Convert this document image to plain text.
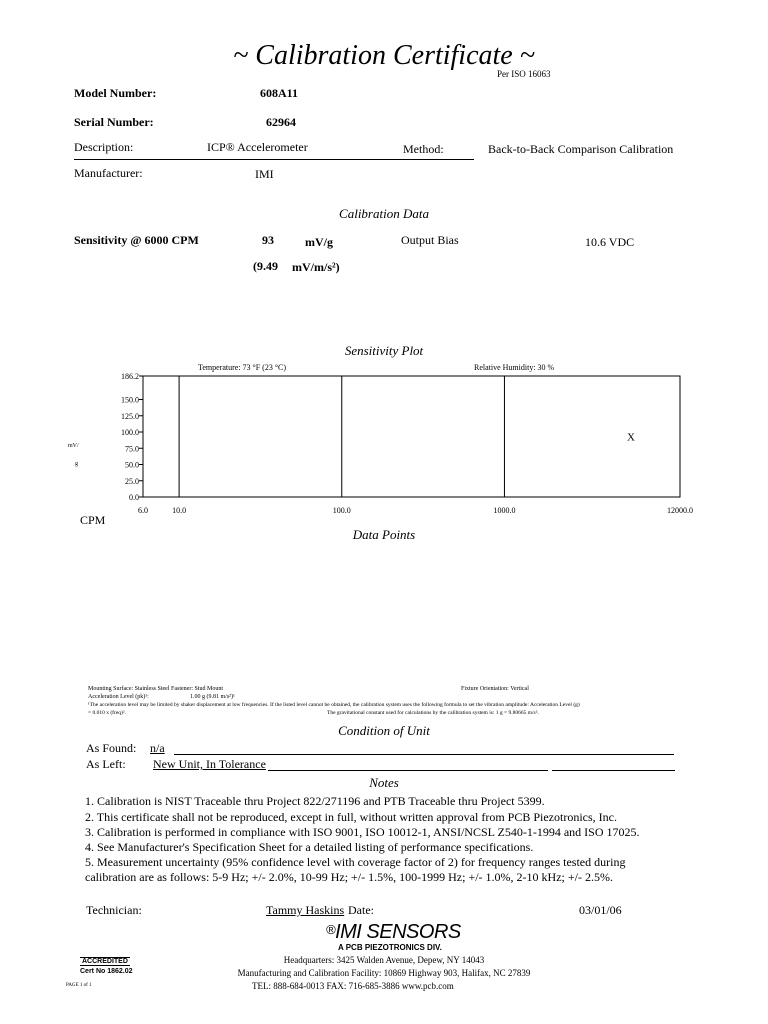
~ Calibration Certificate ~
Per ISO 16063
Model Number:	608A11
Serial Number:	62964
Description:	ICP® Accelerometer	Method:	Back-to-Back Comparison Calibration
Manufacturer:	IMI
Calibration Data
Sensitivity @ 6000 CPM	93	mV/g	Output Bias	10.6 VDC
(9.49 mV/m/s²)
Sensitivity Plot
Temperature: 73 °F (23 °C)	Relative Humidity: 30 %
mV/
g
CPM
6.0	10.0	100.0	1000.0	12000.0
186.2
150.0
125.0
100.0
75.0
50.0
25.0
0.0
X
Data Points
Mounting Surface: Stainless Steel Fastener: Stud Mount	Fixture Orientation: Vertical
Acceleration Level (pk)¹:	1.00 g (9.81 m/s²)¹
¹The acceleration level may be limited by shaker displacement at low frequencies. If the listed level cannot be obtained, the calibration system uses the following formula to set the vibration amplitude: Acceleration Level (g)
= 0.010 x (freq)².	The gravitational constant used for calculations by the calibration system is: 1 g = 9.80665 m/s².
Condition of Unit
As Found: n/a
As Left: New Unit, In Tolerance
Notes
1. Calibration is NIST Traceable thru Project 822/271196 and PTB Traceable thru Project 5399.
2. This certificate shall not be reproduced, except in full, without written approval from PCB Piezotronics, Inc.
3. Calibration is performed in compliance with ISO 9001, ISO 10012-1, ANSI/NCSL Z540-1-1994 and ISO 17025.
4. See Manufacturer's Specification Sheet for a detailed listing of performance specifications.
5. Measurement uncertainty (95% confidence level with coverage factor of 2) for frequency ranges tested during
calibration are as follows: 5-9 Hz; +/- 2.0%, 10-99 Hz; +/- 1.5%, 100-1999 Hz; +/- 1.0%, 2-10 kHz; +/- 2.5%.
Technician:	Tammy Haskins Date:	03/01/06
®IMI SENSORS
A PCB PIEZOTRONICS DIV.
Headquarters: 3425 Walden Avenue, Depew, NY 14043
Manufacturing and Calibration Facility: 10869 Highway 903, Halifax, NC 27839
TEL: 888-684-0013 FAX: 716-685-3886 www.pcb.com
ACCREDITED
Cert No 1862.02
PAGE 1 of 1
